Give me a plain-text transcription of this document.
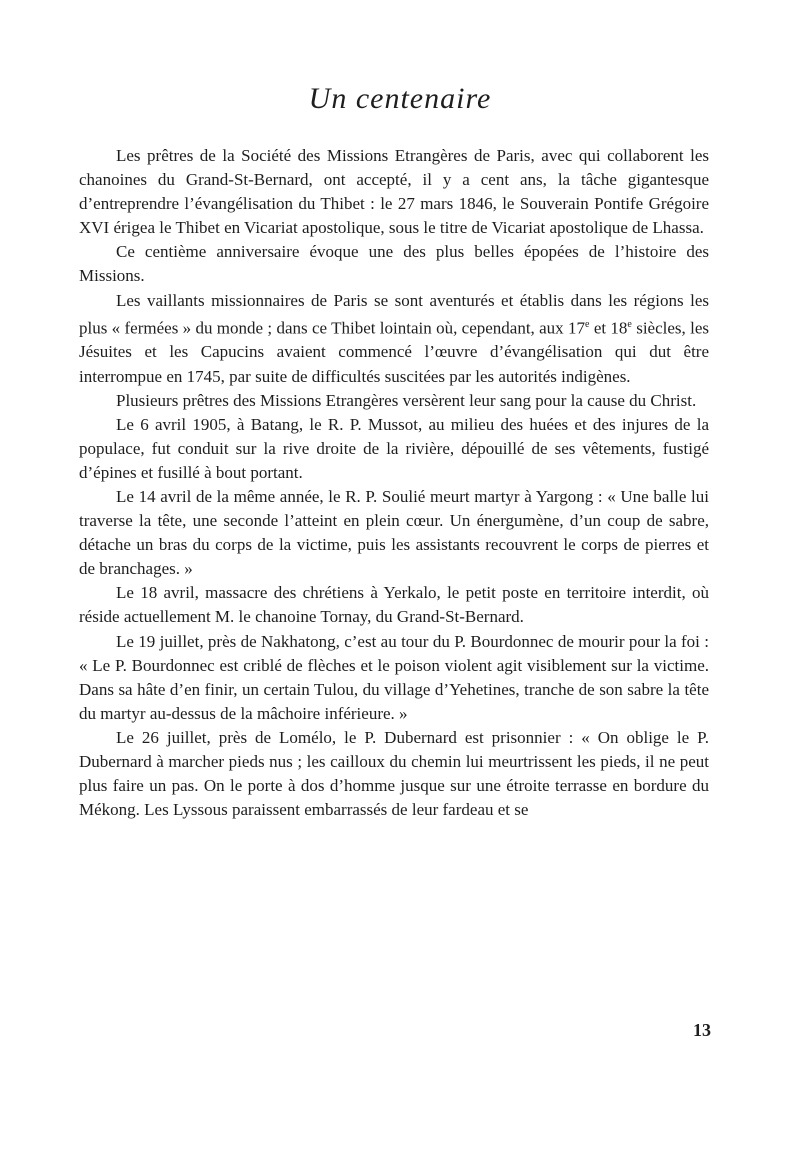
Un centenaire

Les prêtres de la Société des Missions Etrangères de Paris, avec qui collaborent les chanoines du Grand-St-Bernard, ont accepté, il y a cent ans, la tâche gigantesque d’entreprendre l’évangélisation du Thibet : le 27 mars 1846, le Souverain Pontife Grégoire XVI érigea le Thibet en Vicariat apostolique, sous le titre de Vicariat apostolique de Lhassa.

Ce centième anniversaire évoque une des plus belles épopées de l’histoire des Missions.

Les vaillants missionnaires de Paris se sont aventurés et établis dans les régions les plus « fermées » du monde ; dans ce Thibet lointain où, cependant, aux 17e et 18e siècles, les Jésuites et les Capucins avaient commencé l’œuvre d’évangélisation qui dut être interrompue en 1745, par suite de difficultés suscitées par les autorités indigènes.

Plusieurs prêtres des Missions Etrangères versèrent leur sang pour la cause du Christ.

Le 6 avril 1905, à Batang, le R. P. Mussot, au milieu des huées et des injures de la populace, fut conduit sur la rive droite de la rivière, dépouillé de ses vêtements, fustigé d’épines et fusillé à bout portant.

Le 14 avril de la même année, le R. P. Soulié meurt martyr à Yargong : « Une balle lui traverse la tête, une seconde l’atteint en plein cœur. Un énergumène, d’un coup de sabre, détache un bras du corps de la victime, puis les assistants recouvrent le corps de pierres et de branchages. »

Le 18 avril, massacre des chrétiens à Yerkalo, le petit poste en territoire interdit, où réside actuellement M. le chanoine Tornay, du Grand-St-Bernard.

Le 19 juillet, près de Nakhatong, c’est au tour du P. Bourdonnec de mourir pour la foi : « Le P. Bourdonnec est criblé de flèches et le poison violent agit visiblement sur la victime. Dans sa hâte d’en finir, un certain Tulou, du village d’Yehetines, tranche de son sabre la tête du martyr au-dessus de la mâchoire inférieure. »

Le 26 juillet, près de Lomélo, le P. Dubernard est prisonnier : « On oblige le P. Dubernard à marcher pieds nus ; les cailloux du chemin lui meurtrissent les pieds, il ne peut plus faire un pas. On le porte à dos d’homme jusque sur une étroite terrasse en bordure du Mékong. Les Lyssous paraissent embarrassés de leur fardeau et se

13
